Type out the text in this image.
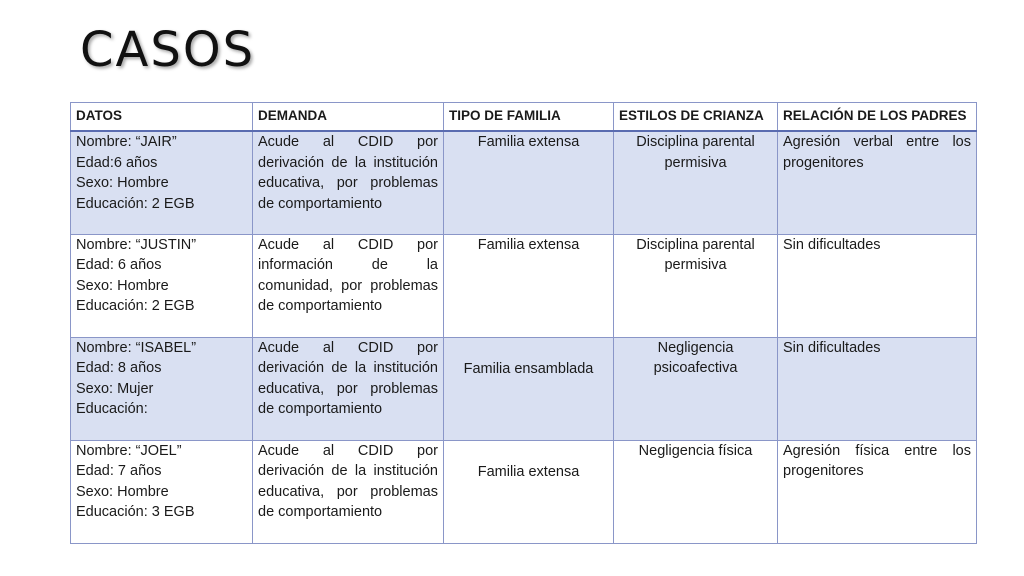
CASOS
DATOS	DEMANDA	TIPO DE FAMILIA	ESTILOS DE CRIANZA	RELACIÓN DE LOS PADRES

Nombre: “JAIR”
Edad:6 años
Sexo: Hombre
Educación: 2 EGB	Acude al CDID por derivación de la institución educativa, por problemas de comportamiento	Familia extensa	Disciplina parental permisiva	Agresión verbal entre los progenitores

Nombre: “JUSTIN”
Edad: 6 años
Sexo: Hombre
Educación: 2 EGB	Acude al CDID por información de la comunidad, por problemas de comportamiento	Familia extensa	Disciplina parental permisiva	Sin dificultades

Nombre: “ISABEL”
Edad: 8 años
Sexo: Mujer
Educación:	Acude al CDID por derivación de la institución educativa, por problemas de comportamiento	Familia ensamblada	Negligencia psicoafectiva	Sin dificultades

Nombre: “JOEL”
Edad: 7 años
Sexo: Hombre
Educación: 3 EGB	Acude al CDID por derivación de la institución educativa, por problemas de comportamiento	Familia extensa	Negligencia física	Agresión física entre los progenitores
